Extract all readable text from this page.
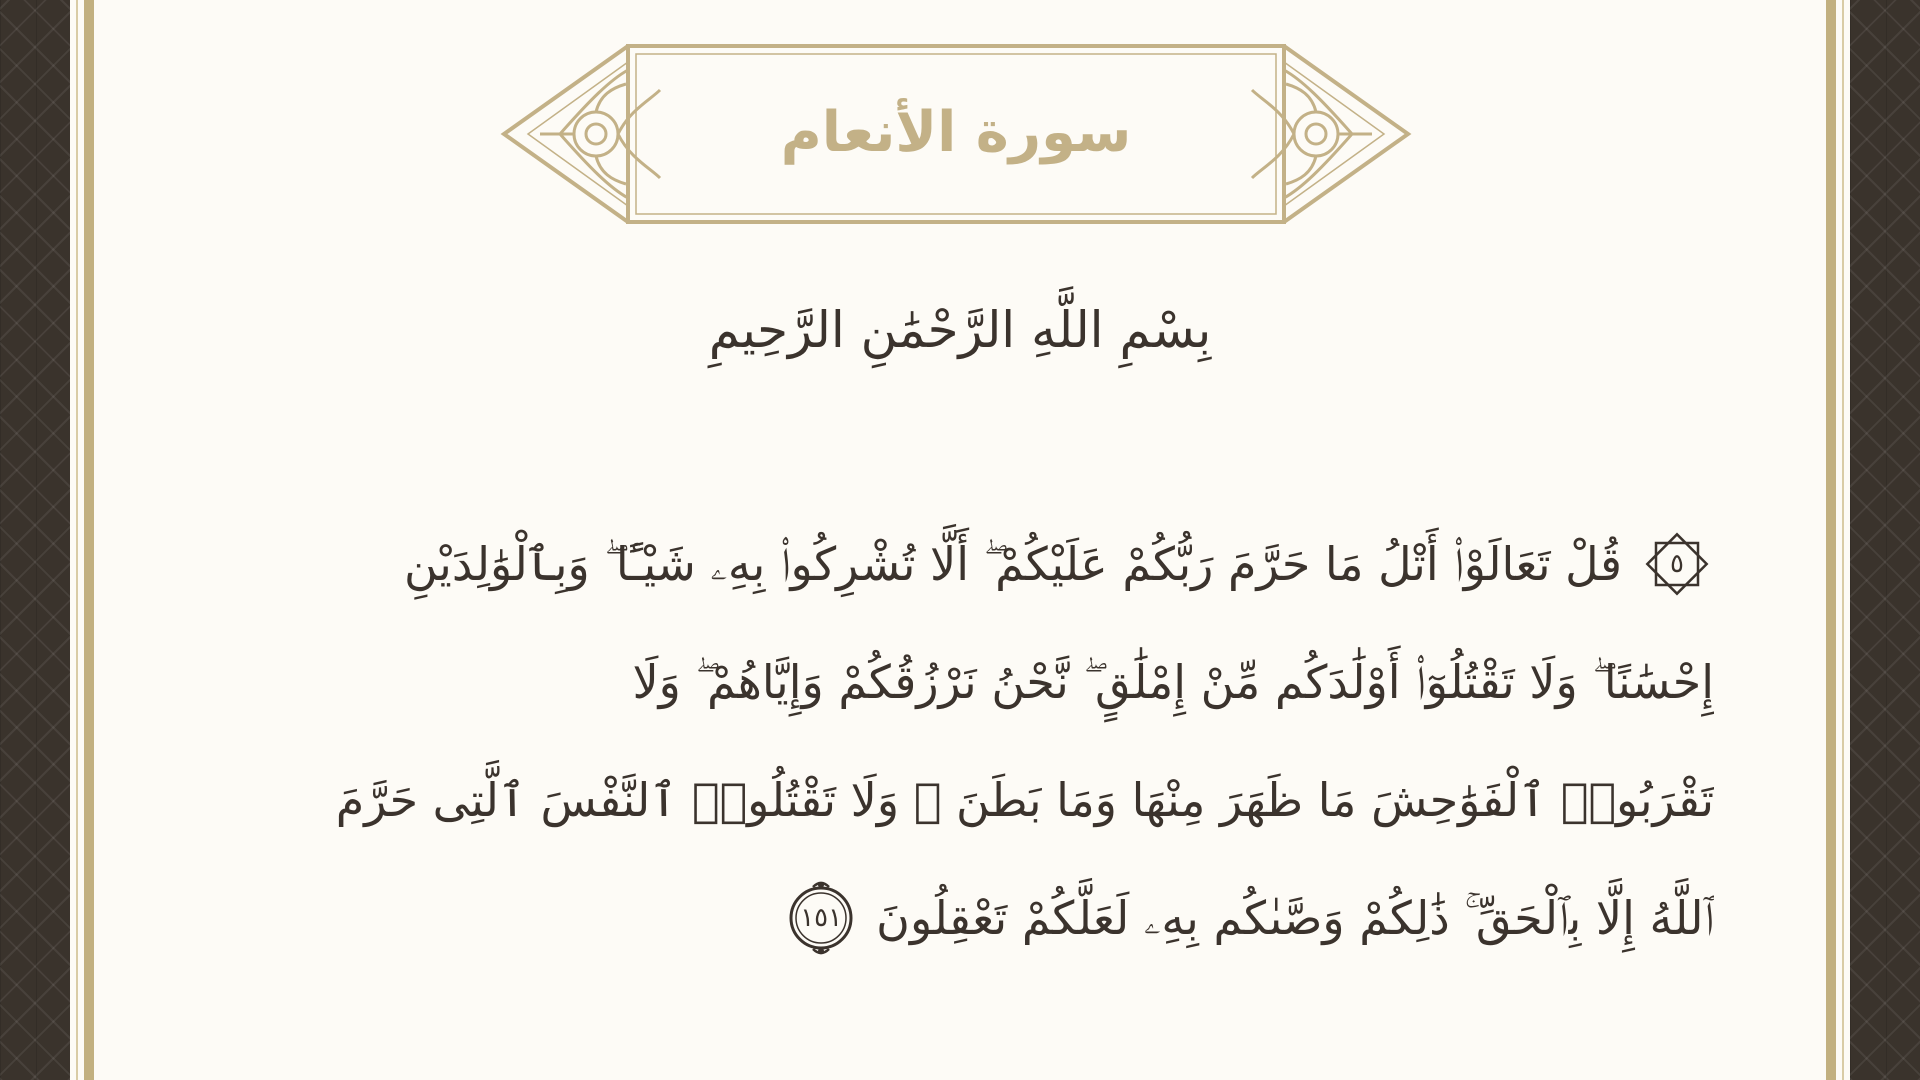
سورة الأنعام

بِسْمِ اللَّهِ الرَّحْمَٰنِ الرَّحِيمِ

٥
قُلْ تَعَالَوْا۟ أَتْلُ مَا حَرَّمَ رَبُّكُمْ عَلَيْكُمْ ۖ أَلَّا تُشْرِكُوا۟ بِهِۦ شَيْـًٔا ۖ وَبِٱلْوَٰلِدَيْنِ
إِحْسَٰنًا ۖ وَلَا تَقْتُلُوٓا۟ أَوْلَٰدَكُم مِّنْ إِمْلَٰقٍ ۖ نَّحْنُ نَرْزُقُكُمْ وَإِيَّاهُمْ ۖ وَلَا
تَقْرَبُوا۟ ٱلْفَوَٰحِشَ مَا ظَهَرَ مِنْهَا وَمَا بَطَنَ ۖ وَلَا تَقْتُلُوا۟ ٱلنَّفْسَ ٱلَّتِى حَرَّمَ
ٱللَّهُ إِلَّا بِٱلْحَقِّ ۚ ذَٰلِكُمْ وَصَّىٰكُم بِهِۦ لَعَلَّكُمْ تَعْقِلُونَ
١٥١
